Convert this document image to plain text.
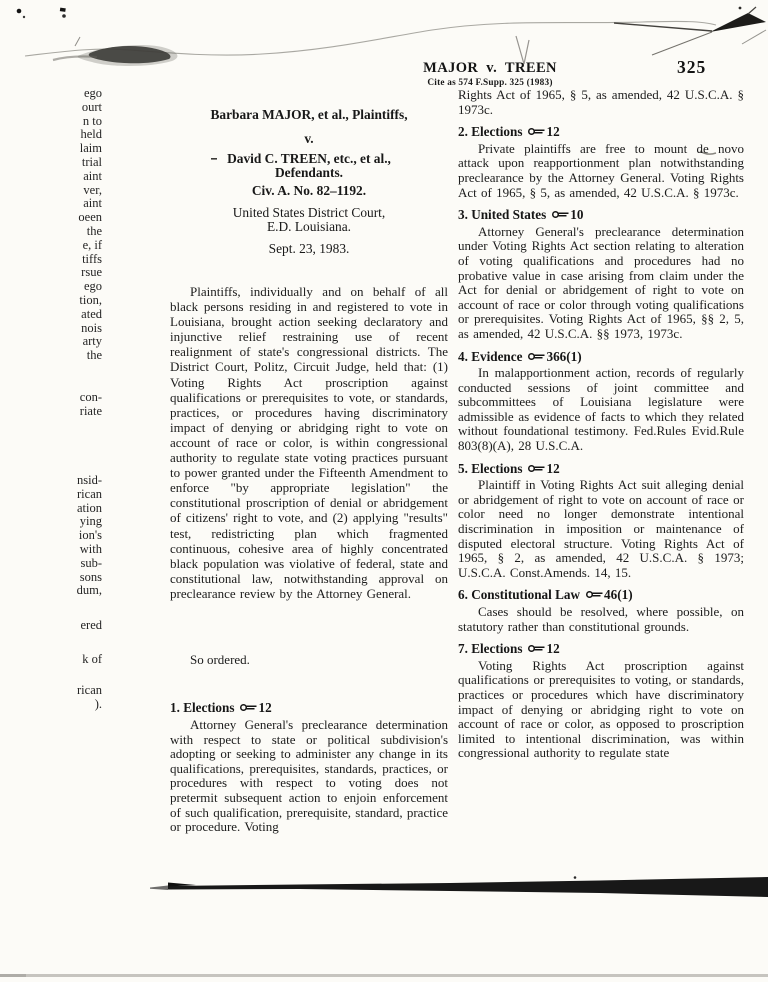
MAJOR v. TREEN
Cite as 574 F.Supp. 325 (1983)
325
ego
ourt
n to
held
laim
trial
aint
ver,
aint
oeen
the
e, if
tiffs
rsue
ego
tion,
ated
nois
arty
the
con-
riate
nsid-
rican
ation
ying
ion's
with
sub-
sons
dum,
ered
k of
rican
).
Barbara MAJOR, et al., Plaintiffs,
v.
David C. TREEN, etc., et al.,
Defendants.
Civ. A. No. 82–1192.
United States District Court,
E.D. Louisiana.
Sept. 23, 1983.

Plaintiffs, individually and on behalf of all black persons residing in and registered to vote in Louisiana, brought action seeking declaratory and injunctive relief restraining use of recent realignment of state's congressional districts. The District Court, Politz, Circuit Judge, held that: (1) Voting Rights Act proscription against qualifications or prerequisites to vote, or standards, practices, or procedures having discriminatory impact of denying or abridging right to vote on account of race or color, is within congressional authority to regulate state voting practices pursuant to power granted under the Fifteenth Amendment to enforce "by appropriate legislation" the constitutional proscription of denial or abridgement of citizens' right to vote, and (2) applying "results" test, redistricting plan which fragmented continuous, cohesive area of highly concentrated black population was violative of federal, state and constitutional law, notwithstanding approval on preclearance review by the Attorney General.

So ordered.

1. Elections 12

Attorney General's preclearance determination with respect to state or political subdivision's adopting or seeking to administer any change in its qualifications, prerequisites, standards, practices, or procedures with respect to voting does not pretermit subsequent action to enjoin enforcement of such qualification, prerequisite, standard, practice or procedure. Voting

Rights Act of 1965, § 5, as amended, 42 U.S.C.A. § 1973c.

2. Elections 12

Private plaintiffs are free to mount de novo attack upon reapportionment plan notwithstanding preclearance by the Attorney General. Voting Rights Act of 1965, § 5, as amended, 42 U.S.C.A. § 1973c.

3. United States 10

Attorney General's preclearance determination under Voting Rights Act section relating to alteration of voting qualifications and procedures had no probative value in case arising from claim under the Act for denial or abridgement of right to vote on account of race or color through voting qualifications or prerequisites. Voting Rights Act of 1965, §§ 2, 5, as amended, 42 U.S.C.A. §§ 1973, 1973c.

4. Evidence 366(1)

In malapportionment action, records of regularly conducted sessions of joint committee and subcommittees of Louisiana legislature were admissible as evidence of facts to which they related without foundational testimony. Fed.Rules Evid.Rule 803(8)(A), 28 U.S.C.A.

5. Elections 12

Plaintiff in Voting Rights Act suit alleging denial or abridgement of right to vote on account of race or color need no longer demonstrate intentional discrimination in imposition or maintenance of disputed electoral structure. Voting Rights Act of 1965, § 2, as amended, 42 U.S.C.A. § 1973; U.S.C.A. Const.Amends. 14, 15.

6. Constitutional Law 46(1)

Cases should be resolved, where possible, on statutory rather than constitutional grounds.

7. Elections 12

Voting Rights Act proscription against qualifications or prerequisites to voting, or standards, practices or procedures which have discriminatory impact of denying or abridging right to vote on account of race or color, as opposed to proscription limited to intentional discrimination, was within congressional authority to regulate state
